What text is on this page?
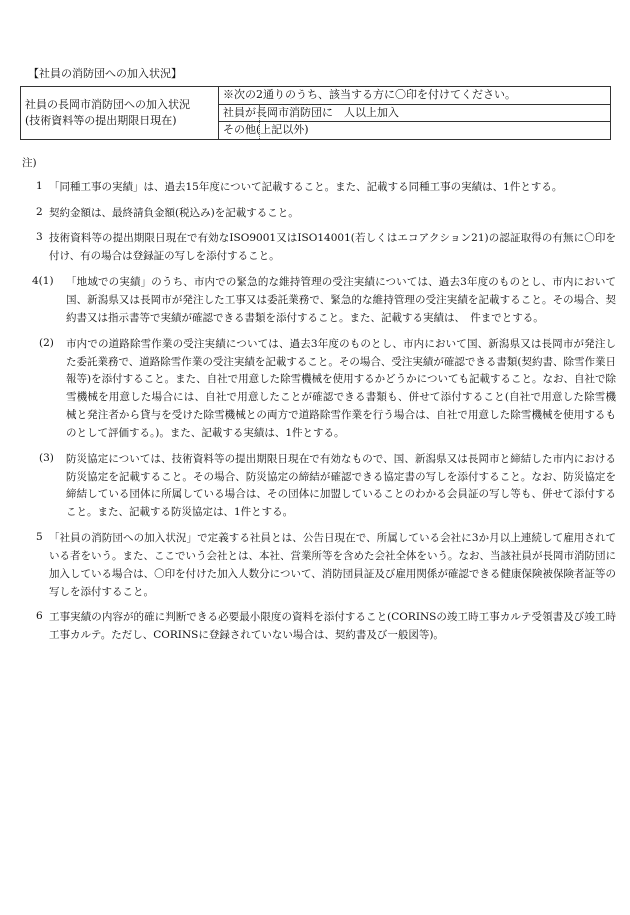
【社員の消防団への加入状況】
社員の長岡市消防団への加入状況
(技術資料等の提出期限日現在)
	※次の2通りのうち、該当する方に〇印を付けてください。

社員が長岡市消防団に　人以上加入

その他(上記以外)
注)
1 「同種工事の実績」は、過去15年度について記載すること。また、記載する同種工事の実績は、1件とする。

2 契約金額は、最終請負金額(税込み)を記載すること。

3 技術資料等の提出期限日現在で有効なISO9001又はISO14001(若しくはエコアクション21)の認証取得の有無に〇印を付け、有の場合は登録証の写しを添付すること。

4(1) 「地域での実績」のうち、市内での緊急的な維持管理の受注実績については、過去3年度のものとし、市内において国、新潟県又は長岡市が発注した工事又は委託業務で、緊急的な維持管理の受注実績を記載すること。その場合、契約書又は指示書等で実績が確認できる書類を添付すること。また、記載する実績は、　件までとする。

(2) 市内での道路除雪作業の受注実績については、過去3年度のものとし、市内において国、新潟県又は長岡市が発注した委託業務で、道路除雪作業の受注実績を記載すること。その場合、受注実績が確認できる書類(契約書、除雪作業日報等)を添付すること。また、自社で用意した除雪機械を使用するかどうかについても記載すること。なお、自社で除雪機械を用意した場合には、自社で用意したことが確認できる書類も、併せて添付すること(自社で用意した除雪機械と発注者から貸与を受けた除雪機械との両方で道路除雪作業を行う場合は、自社で用意した除雪機械を使用するものとして評価する。)。また、記載する実績は、1件とする。

(3) 防災協定については、技術資料等の提出期限日現在で有効なもので、国、新潟県又は長岡市と締結した市内における防災協定を記載すること。その場合、防災協定の締結が確認できる協定書の写しを添付すること。なお、防災協定を締結している団体に所属している場合は、その団体に加盟していることのわかる会員証の写し等も、併せて添付すること。また、記載する防災協定は、1件とする。

5 「社員の消防団への加入状況」で定義する社員とは、公告日現在で、所属している会社に3か月以上連続して雇用されている者をいう。また、ここでいう会社とは、本社、営業所等を含めた会社全体をいう。なお、当該社員が長岡市消防団に加入している場合は、〇印を付けた加入人数分について、消防団員証及び雇用関係が確認できる健康保険被保険者証等の写しを添付すること。

6 工事実績の内容が的確に判断できる必要最小限度の資料を添付すること(CORINSの竣工時工事カルテ受領書及び竣工時工事カルテ。ただし、CORINSに登録されていない場合は、契約書及び一般図等)。
